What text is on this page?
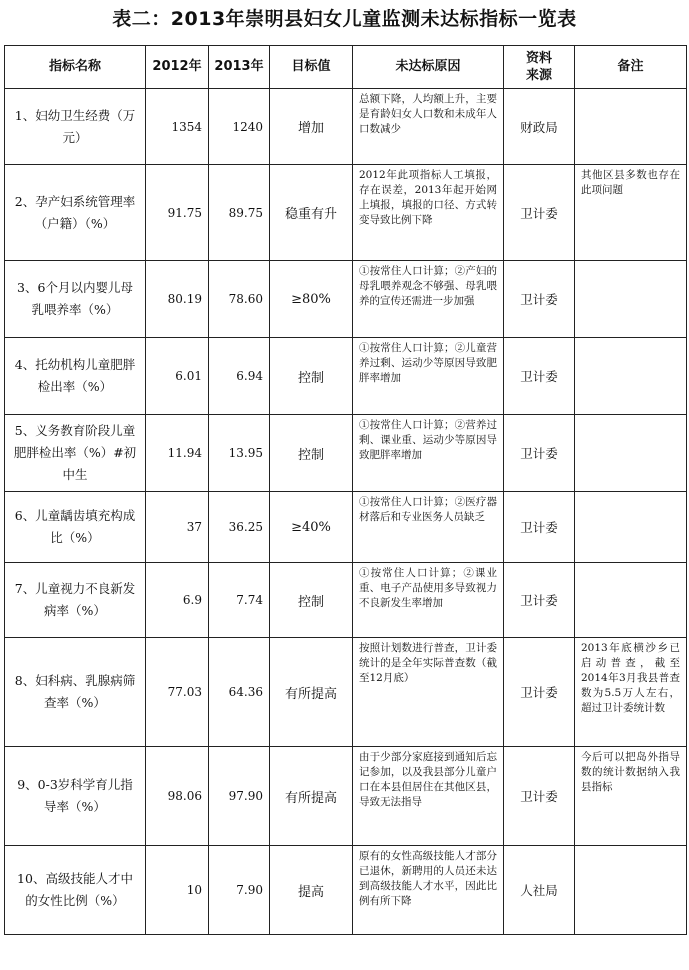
表二：2013年崇明县妇女儿童监测未达标指标一览表
指标名称	2012年	2013年	目标值	未达标原因	资料来源	备注
1、妇幼卫生经费（万元）	1354	1240	增加	总额下降，人均额上升，主要是育龄妇女人口数和未成年人口数减少	财政局	
2、孕产妇系统管理率（户籍）（%）	91.75	89.75	稳重有升	2012年此项指标人工填报，存在误差，2013年起开始网上填报，填报的口径、方式转变导致比例下降	卫计委	其他区县多数也存在此项问题
3、6个月以内婴儿母乳喂养率（%）	80.19	78.60	≥80%	①按常住人口计算；②产妇的母乳喂养观念不够强、母乳喂养的宣传还需进一步加强	卫计委	
4、托幼机构儿童肥胖检出率（%）	6.01	6.94	控制	①按常住人口计算；②儿童营养过剩、运动少等原因导致肥胖率增加	卫计委	
5、义务教育阶段儿童肥胖检出率（%）#初中生	11.94	13.95	控制	①按常住人口计算；②营养过剩、课业重、运动少等原因导致肥胖率增加	卫计委	
6、儿童龋齿填充构成比（%）	37	36.25	≥40%	①按常住人口计算；②医疗器材落后和专业医务人员缺乏	卫计委	
7、儿童视力不良新发病率（%）	6.9	7.74	控制	①按常住人口计算；②课业重、电子产品使用多导致视力不良新发生率增加	卫计委	
8、妇科病、乳腺病筛查率（%）	77.03	64.36	有所提高	按照计划数进行普查，卫计委统计的是全年实际普查数（截至12月底）	卫计委	2013年底横沙乡已启动普查，截至2014年3月我县普查数为5.5万人左右，超过卫计委统计数
9、0-3岁科学育儿指导率（%）	98.06	97.90	有所提高	由于少部分家庭接到通知后忘记参加，以及我县部分儿童户口在本县但居住在其他区县，导致无法指导	卫计委	今后可以把岛外指导数的统计数据纳入我县指标
10、高级技能人才中的女性比例（%）	10	7.90	提高	原有的女性高级技能人才部分已退休，新聘用的人员还未达到高级技能人才水平，因此比例有所下降	人社局	
